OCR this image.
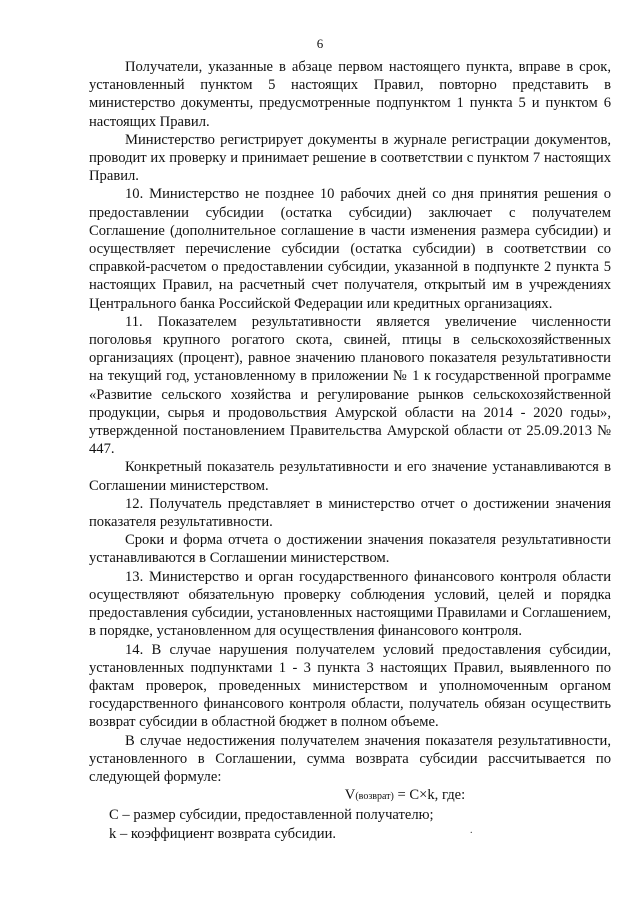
6

Получатели, указанные в абзаце первом настоящего пункта, вправе в срок, установленный пунктом 5 настоящих Правил, повторно представить в министерство документы, предусмотренные подпунктом 1 пункта 5 и пунктом 6 настоящих Правил.

Министерство регистрирует документы в журнале регистрации документов, проводит их проверку и принимает решение в соответствии с пунктом 7 настоящих Правил.

10. Министерство не позднее 10 рабочих дней со дня принятия решения о предоставлении субсидии (остатка субсидии) заключает с получателем Соглашение (дополнительное соглашение в части изменения размера субсидии) и осуществляет перечисление субсидии (остатка субсидии) в соответствии со справкой-расчетом о предоставлении субсидии, указанной в подпункте 2 пункта 5 настоящих Правил, на расчетный счет получателя, открытый им в учреждениях Центрального банка Российской Федерации или кредитных организациях.

11. Показателем результативности является увеличение численности поголовья крупного рогатого скота, свиней, птицы в сельскохозяйственных организациях (процент), равное значению планового показателя результативности на текущий год, установленному в приложении № 1 к государственной программе «Развитие сельского хозяйства и регулирование рынков сельскохозяйственной продукции, сырья и продовольствия Амурской области на 2014 - 2020 годы», утвержденной постановлением Правительства Амурской области от 25.09.2013 № 447.

Конкретный показатель результативности и его значение устанавливаются в Соглашении министерством.

12. Получатель представляет в министерство отчет о достижении значения показателя результативности.

Сроки и форма отчета о достижении значения показателя результативности устанавливаются в Соглашении министерством.

13. Министерство и орган государственного финансового контроля области осуществляют обязательную проверку соблюдения условий, целей и порядка предоставления субсидии, установленных настоящими Правилами и Соглашением, в порядке, установленном для осуществления финансового контроля.

14. В случае нарушения получателем условий предоставления субсидии, установленных подпунктами 1 - 3 пункта 3 настоящих Правил, выявленного по фактам проверок, проведенных министерством и уполномоченным органом государственного финансового контроля области, получатель обязан осуществить возврат субсидии в областной бюджет в полном объеме.

В случае недостижения получателем значения показателя результативности, установленного в Соглашении, сумма возврата субсидии рассчитывается по следующей формуле:

V(возврат) = C×k, где:

C – размер субсидии, предоставленной получателю;

k – коэффициент возврата субсидии.	.
